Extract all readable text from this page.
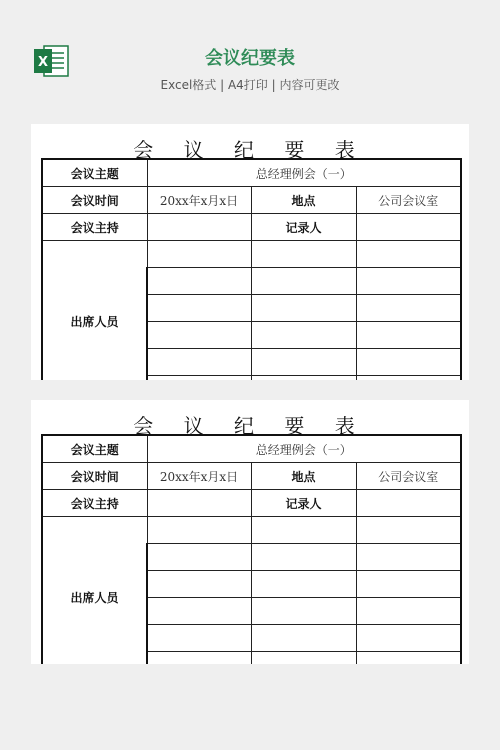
X	会议纪要表
Excel格式 | A4打印 | 内容可更改
会 议 纪 要 表
会议主题	总经理例会（一）		
会议时间	20xx年x月x日	地点	公司会议室
会议主持		记录人	
出席人员			

会 议 纪 要 表
会议主题	总经理例会（一）		
会议时间	20xx年x月x日	地点	公司会议室
会议主持		记录人	
出席人员			
